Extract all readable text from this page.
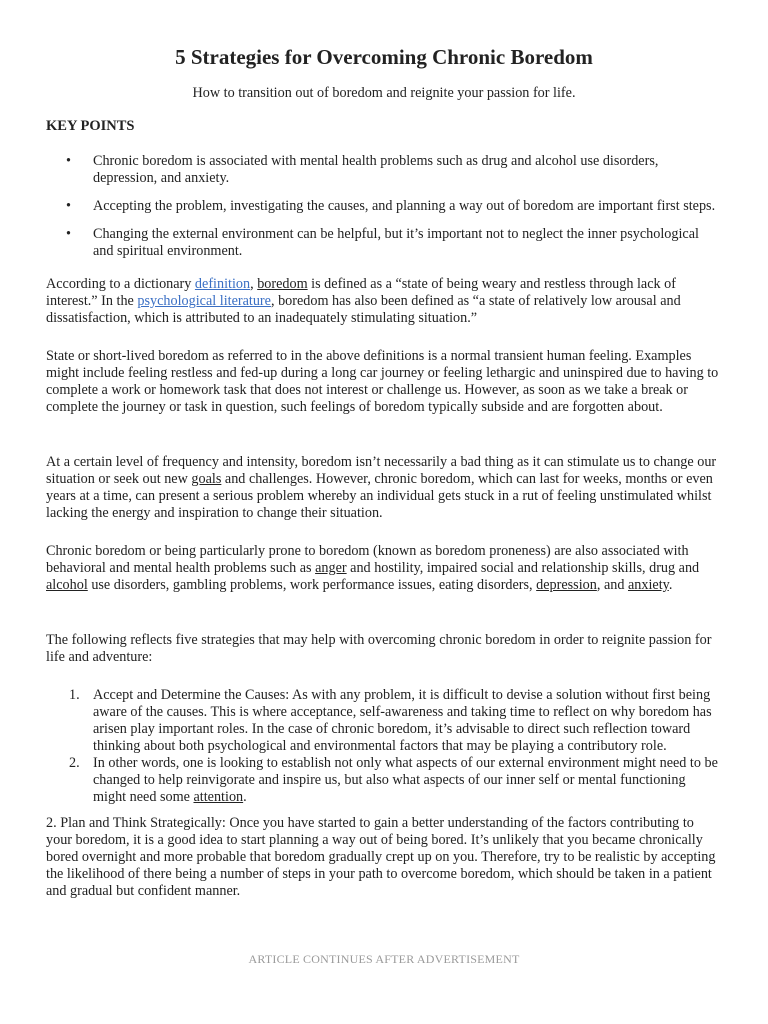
5 Strategies for Overcoming Chronic Boredom

How to transition out of boredom and reignite your passion for life.

KEY POINTS

• Chronic boredom is associated with mental health problems such as drug and alcohol use disorders, depression, and anxiety.
• Accepting the problem, investigating the causes, and planning a way out of boredom are important first steps.
• Changing the external environment can be helpful, but it’s important not to neglect the inner psychological and spiritual environment.

According to a dictionary definition, boredom is defined as a “state of being weary and restless through lack of interest.” In the psychological literature, boredom has also been defined as “a state of relatively low arousal and dissatisfaction, which is attributed to an inadequately stimulating situation.”

State or short-lived boredom as referred to in the above definitions is a normal transient human feeling. Examples might include feeling restless and fed-up during a long car journey or feeling lethargic and uninspired due to having to complete a work or homework task that does not interest or challenge us. However, as soon as we take a break or complete the journey or task in question, such feelings of boredom typically subside and are forgotten about.

At a certain level of frequency and intensity, boredom isn’t necessarily a bad thing as it can stimulate us to change our situation or seek out new goals and challenges. However, chronic boredom, which can last for weeks, months or even years at a time, can present a serious problem whereby an individual gets stuck in a rut of feeling unstimulated whilst lacking the energy and inspiration to change their situation.

Chronic boredom or being particularly prone to boredom (known as boredom proneness) are also associated with behavioral and mental health problems such as anger and hostility, impaired social and relationship skills, drug and alcohol use disorders, gambling problems, work performance issues, eating disorders, depression, and anxiety.

The following reflects five strategies that may help with overcoming chronic boredom in order to reignite passion for life and adventure:

1. Accept and Determine the Causes: As with any problem, it is difficult to devise a solution without first being aware of the causes. This is where acceptance, self-awareness and taking time to reflect on why boredom has arisen play important roles. In the case of chronic boredom, it’s advisable to direct such reflection toward thinking about both psychological and environmental factors that may be playing a contributory role.
2. In other words, one is looking to establish not only what aspects of our external environment might need to be changed to help reinvigorate and inspire us, but also what aspects of our inner self or mental functioning might need some attention.

2. Plan and Think Strategically: Once you have started to gain a better understanding of the factors contributing to your boredom, it is a good idea to start planning a way out of being bored. It’s unlikely that you became chronically bored overnight and more probable that boredom gradually crept up on you. Therefore, try to be realistic by accepting the likelihood of there being a number of steps in your path to overcome boredom, which should be taken in a patient and gradual but confident manner.

ARTICLE CONTINUES AFTER ADVERTISEMENT
